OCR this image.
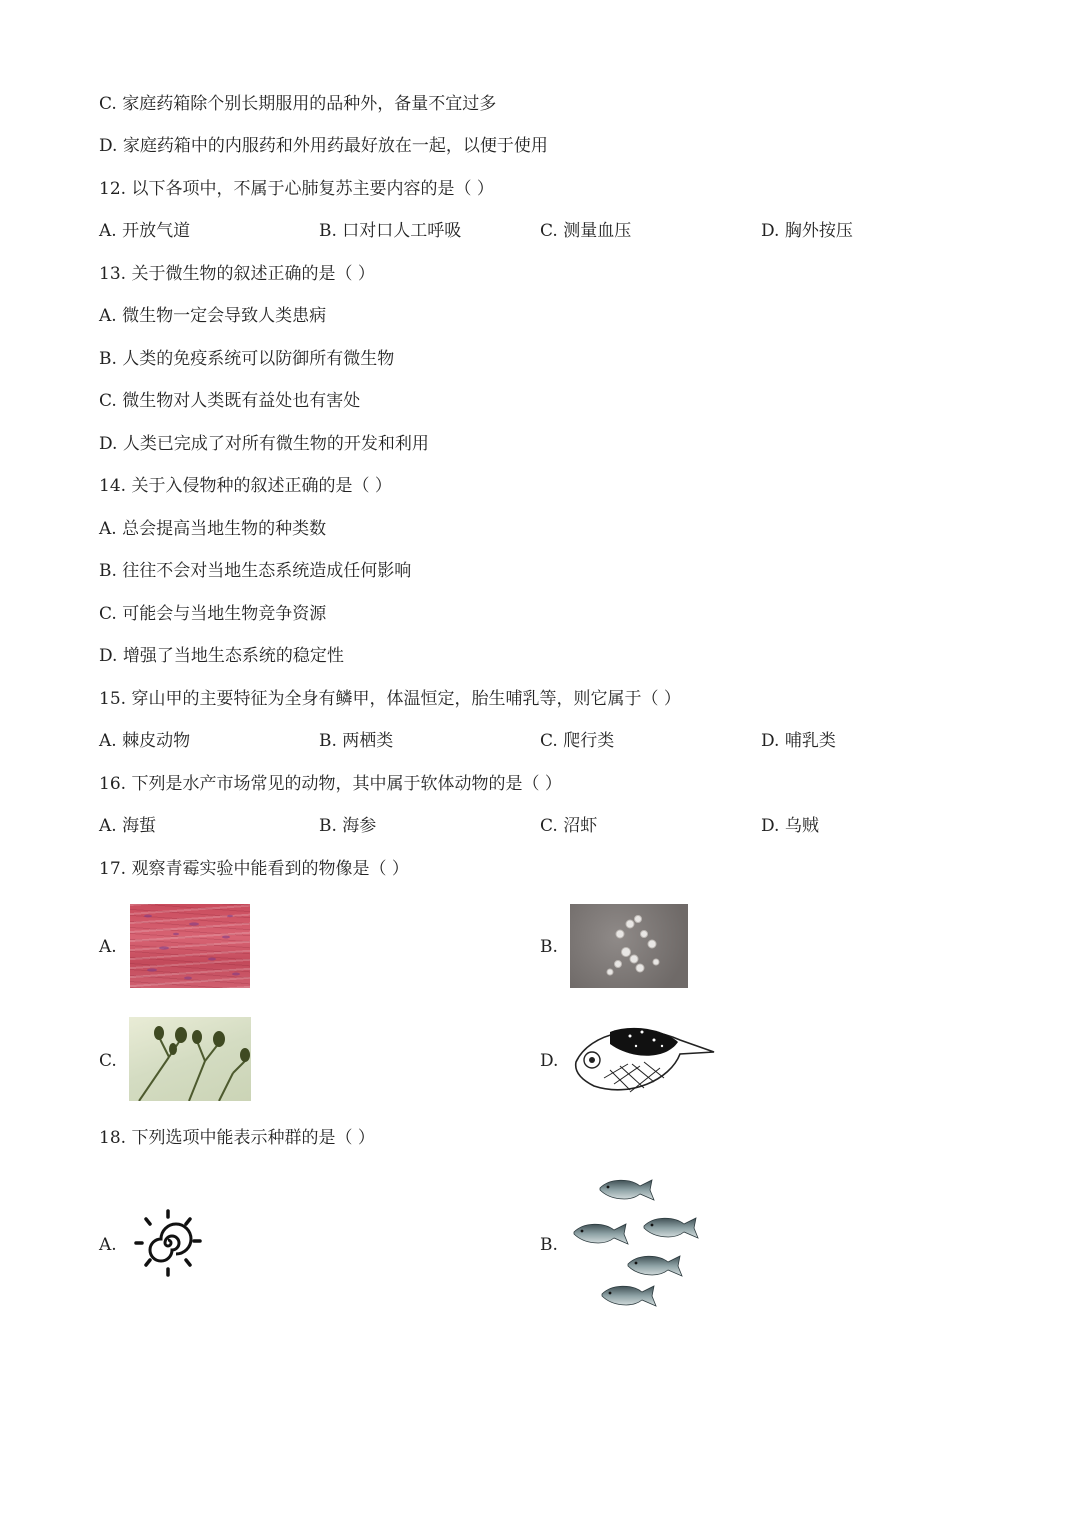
C. 家庭药箱除个别长期服用的品种外，备量不宜过多
D. 家庭药箱中的内服药和外用药最好放在一起，以便于使用
12. 以下各项中，不属于心肺复苏主要内容的是（ ）
A. 开放气道	B. 口对口人工呼吸	C. 测量血压	D. 胸外按压
13. 关于微生物的叙述正确的是（ ）
A. 微生物一定会导致人类患病
B. 人类的免疫系统可以防御所有微生物
C. 微生物对人类既有益处也有害处
D. 人类已完成了对所有微生物的开发和利用
14. 关于入侵物种的叙述正确的是（ ）
A. 总会提高当地生物的种类数
B. 往往不会对当地生态系统造成任何影响
C. 可能会与当地生物竞争资源
D. 增强了当地生态系统的稳定性
15. 穿山甲的主要特征为全身有鳞甲，体温恒定，胎生哺乳等，则它属于（ ）
A. 棘皮动物	B. 两栖类	C. 爬行类	D. 哺乳类
16. 下列是水产市场常见的动物，其中属于软体动物的是（ ）
A. 海蜇	B. 海参	C. 沼虾	D. 乌贼
17. 观察青霉实验中能看到的物像是（ ）
A.	B.
C.	D.
18. 下列选项中能表示种群的是（ ）
A.	B.
